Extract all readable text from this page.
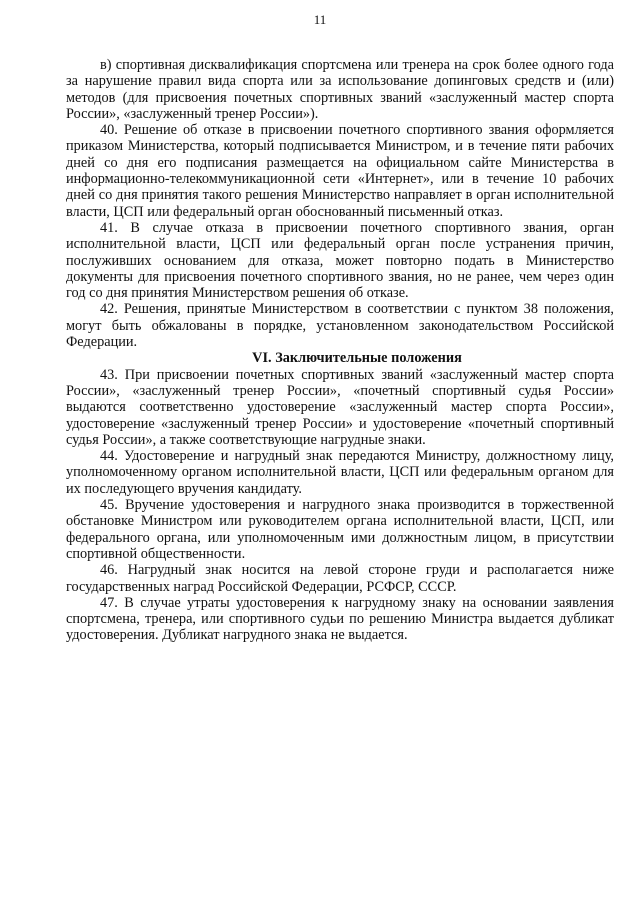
11

в) спортивная дисквалификация спортсмена или тренера на срок более одного года за нарушение правил вида спорта или за использование допинговых средств и (или) методов (для присвоения почетных спортивных званий «заслуженный мастер спорта России», «заслуженный тренер России»).

40. Решение об отказе в присвоении почетного спортивного звания оформляется приказом Министерства, который подписывается Министром, и в течение пяти рабочих дней со дня его подписания размещается на официальном сайте Министерства в информационно-телекоммуникационной сети «Интернет», или в течение 10 рабочих дней со дня принятия такого решения Министерство направляет в орган исполнительной власти, ЦСП или федеральный орган обоснованный письменный отказ.

41. В случае отказа в присвоении почетного спортивного звания, орган исполнительной власти, ЦСП или федеральный орган после устранения причин, послуживших основанием для отказа, может повторно подать в Министерство документы для присвоения почетного спортивного звания, но не ранее, чем через один год со дня принятия Министерством решения об отказе.

42. Решения, принятые Министерством в соответствии с пунктом 38 положения, могут быть обжалованы в порядке, установленном законодательством Российской Федерации.

VI. Заключительные положения

43. При присвоении почетных спортивных званий «заслуженный мастер спорта России», «заслуженный тренер России», «почетный спортивный судья России» выдаются соответственно удостоверение «заслуженный мастер спорта России», удостоверение «заслуженный тренер России» и удостоверение «почетный спортивный судья России», а также соответствующие нагрудные знаки.

44. Удостоверение и нагрудный знак передаются Министру, должностному лицу, уполномоченному органом исполнительной власти, ЦСП или федеральным органом для их последующего вручения кандидату.

45. Вручение удостоверения и нагрудного знака производится в торжественной обстановке Министром или руководителем органа исполнительной власти, ЦСП, или федерального органа, или уполномоченным ими должностным лицом, в присутствии спортивной общественности.

46. Нагрудный знак носится на левой стороне груди и располагается ниже государственных наград Российской Федерации, РСФСР, СССР.

47. В случае утраты удостоверения к нагрудному знаку на основании заявления спортсмена, тренера, или спортивного судьи по решению Министра выдается дубликат удостоверения. Дубликат нагрудного знака не выдается.
